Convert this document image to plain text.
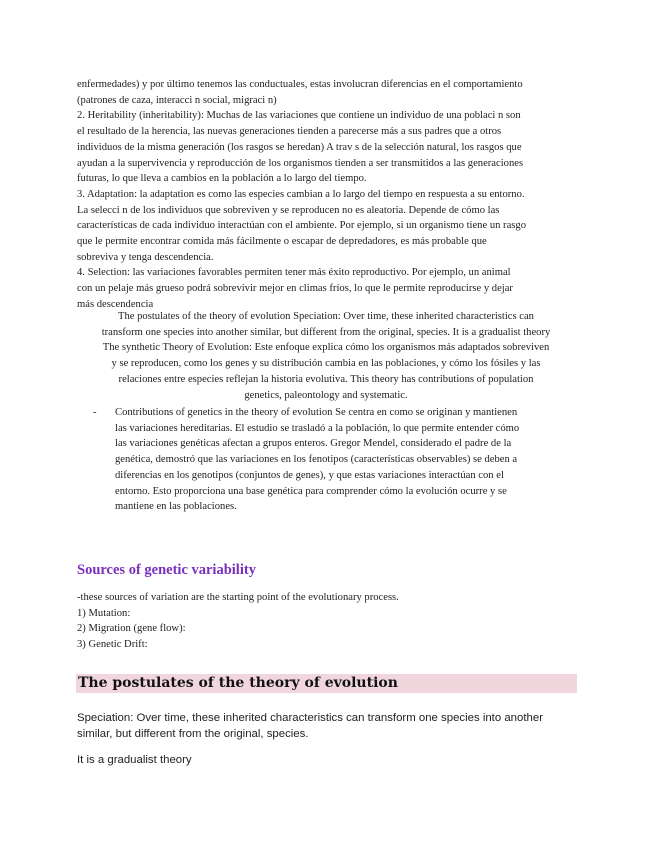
enfermedades) y por último tenemos las conductuales, estas involucran diferencias en el comportamiento

(patrones de caza, interacci n social, migraci n)

2. Heritability (inheritability): Muchas de las variaciones que contiene un individuo de una poblaci n son

el resultado de la herencia, las nuevas generaciones tienden a parecerse más a sus padres que a otros

individuos de la misma generación (los rasgos se heredan) A trav s de la selección natural, los rasgos que

ayudan a la supervivencia y reproducción de los organismos tienden a ser transmitidos a las generaciones

futuras, lo que lleva a cambios en la población a lo largo del tiempo.

3. Adaptation: la adaptation es como las especies cambian a lo largo del tiempo en respuesta a su entorno.

La selecci n de los individuos que sobreviven y se reproducen no es aleatoria. Depende de cómo las

características de cada individuo interactúan con el ambiente. Por ejemplo, si un organismo tiene un rasgo

que le permite encontrar comida más fácilmente o escapar de depredadores, es más probable que

sobreviva y tenga descendencia.

4. Selection: las variaciones favorables permiten tener más éxito reproductivo. Por ejemplo, un animal

con un pelaje más grueso podrá sobrevivir mejor en climas fríos, lo que le permite reproducirse y dejar

más descendencia

The postulates of the theory of evolution Speciation: Over time, these inherited characteristics can

transform one species into another similar, but different from the original, species. It is a gradualist theory

The synthetic Theory of Evolution: Este enfoque explica cómo los organismos más adaptados sobreviven

y se reproducen, como los genes y su distribución cambia en las poblaciones, y cómo los fósiles y las

relaciones entre especies reflejan la historia evolutiva. This theory has contributions of population

genetics, paleontology and systematic.

- Contributions of genetics in the theory of evolution Se centra en como se originan y mantienen

las variaciones hereditarias. El estudio se trasladó a la población, lo que permite entender cómo

las variaciones genéticas afectan a grupos enteros. Gregor Mendel, considerado el padre de la

genética, demostró que las variaciones en los fenotipos (características observables) se deben a

diferencias en los genotipos (conjuntos de genes), y que estas variaciones interactúan con el

entorno. Esto proporciona una base genética para comprender cómo la evolución ocurre y se

mantiene en las poblaciones.

Sources of genetic variability

-these sources of variation are the starting point of the evolutionary process.

1) Mutation:

2) Migration (gene flow):

3) Genetic Drift:

The postulates of the theory of evolution

Speciation: Over time, these inherited characteristics can transform one species into another

similar, but different from the original, species.

It is a gradualist theory
